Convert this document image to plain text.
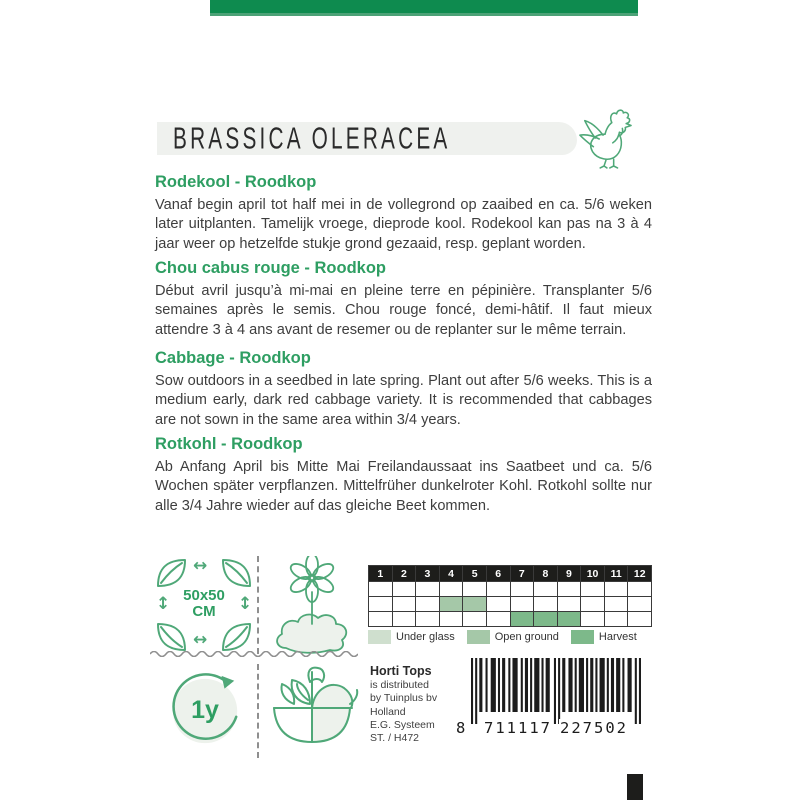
BRASSICA OLERACEA
Rodekool - Roodkop

Vanaf begin april tot half mei in de vollegrond op zaaibed en ca. 5/6 weken later uitplanten. Tamelijk vroege, dieprode kool. Rodekool kan pas na 3 à 4 jaar weer op hetzelfde stukje grond gezaaid, resp. geplant worden.

Chou cabus rouge - Roodkop

Début avril jusqu’à mi-mai en pleine terre en pépinière. Transplanter 5/6 semaines après le semis. Chou rouge foncé, demi-hâtif. Il faut mieux attendre 3 à 4 ans avant de resemer ou de replanter sur le même terrain.

Cabbage - Roodkop

Sow outdoors in a seedbed in late spring. Plant out after 5/6 weeks. This is a medium early, dark red cabbage variety. It is recommended that cabbages are not sown in the same area within 3/4 years.

Rotkohl - Roodkop

Ab Anfang April bis Mitte Mai Freilandaussaat ins Saatbeet und ca. 5/6 Wochen später verpflanzen. Mittelfrüher dunkelroter Kohl. Rotkohl sollte nur alle 3/4 Jahre wieder auf das gleiche Beet kommen.

↔
↔
↕	↕
50x50
CM
1y
1	2	3	4	5	6	7	8	9	10	11	12
Under glass	Open ground	Harvest
Horti Tops
is distributed
by Tuinplus bv
Holland
E.G. Systeem
ST. / H472
8 711117 227502
